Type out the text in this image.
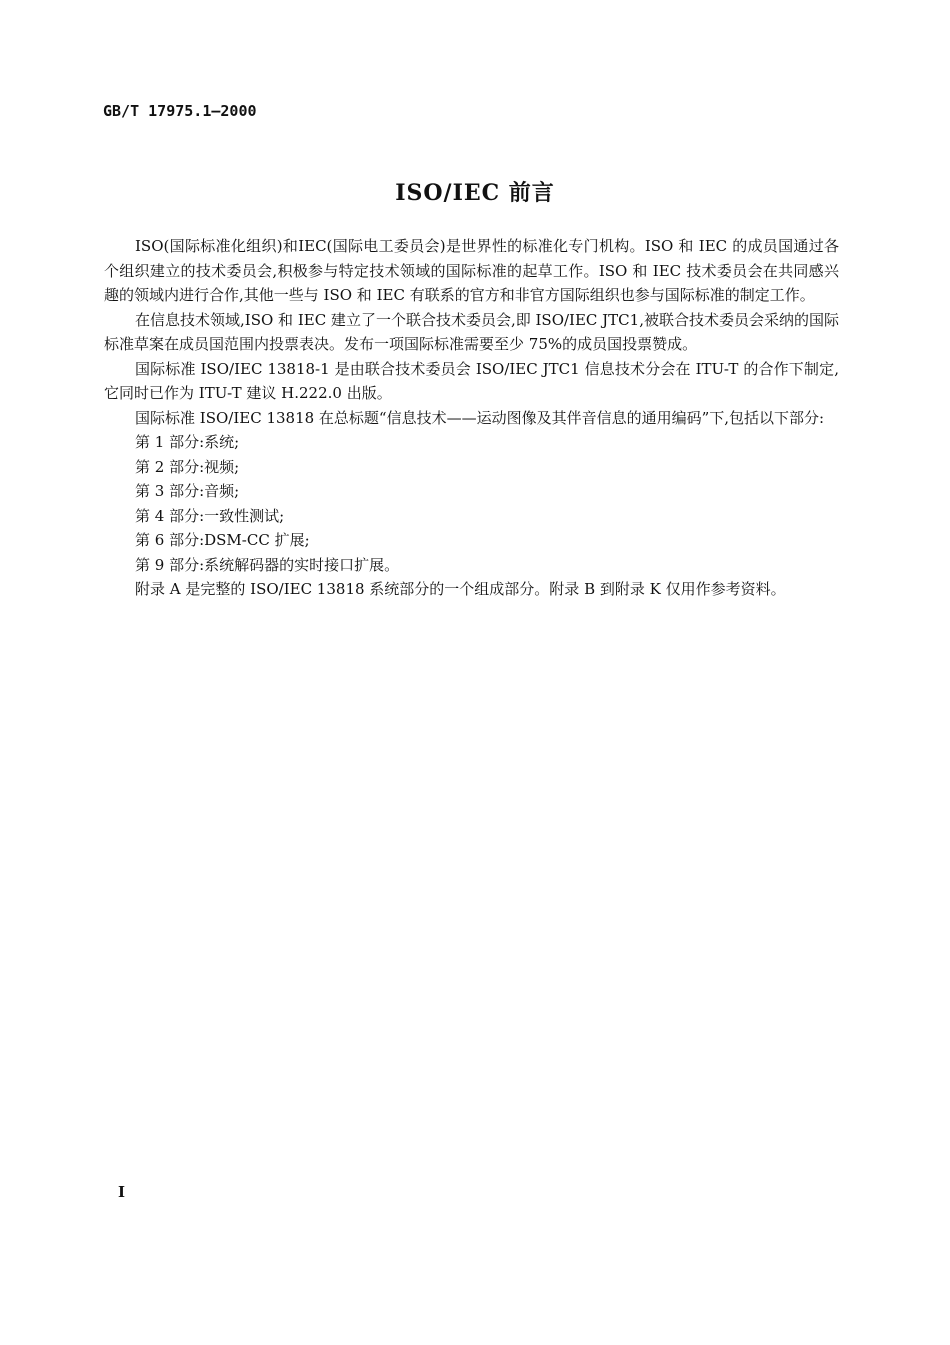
GB/T 17975.1—2000
ISO/IEC 前言

ISO(国际标准化组织)和IEC(国际电工委员会)是世界性的标准化专门机构。ISO 和 IEC 的成员国通过各个组织建立的技术委员会,积极参与特定技术领域的国际标准的起草工作。ISO 和 IEC 技术委员会在共同感兴趣的领域内进行合作,其他一些与 ISO 和 IEC 有联系的官方和非官方国际组织也参与国际标准的制定工作。

在信息技术领域,ISO 和 IEC 建立了一个联合技术委员会,即 ISO/IEC JTC1,被联合技术委员会采纳的国际标准草案在成员国范围内投票表决。发布一项国际标准需要至少 75%的成员国投票赞成。

国际标准 ISO/IEC 13818-1 是由联合技术委员会 ISO/IEC JTC1 信息技术分会在 ITU-T 的合作下制定,它同时已作为 ITU-T 建议 H.222.0 出版。

国际标准 ISO/IEC 13818 在总标题“信息技术——运动图像及其伴音信息的通用编码”下,包括以下部分:

第 1 部分:系统;

第 2 部分:视频;

第 3 部分:音频;

第 4 部分:一致性测试;

第 6 部分:DSM-CC 扩展;

第 9 部分:系统解码器的实时接口扩展。

附录 A 是完整的 ISO/IEC 13818 系统部分的一个组成部分。附录 B 到附录 K 仅用作参考资料。

I
